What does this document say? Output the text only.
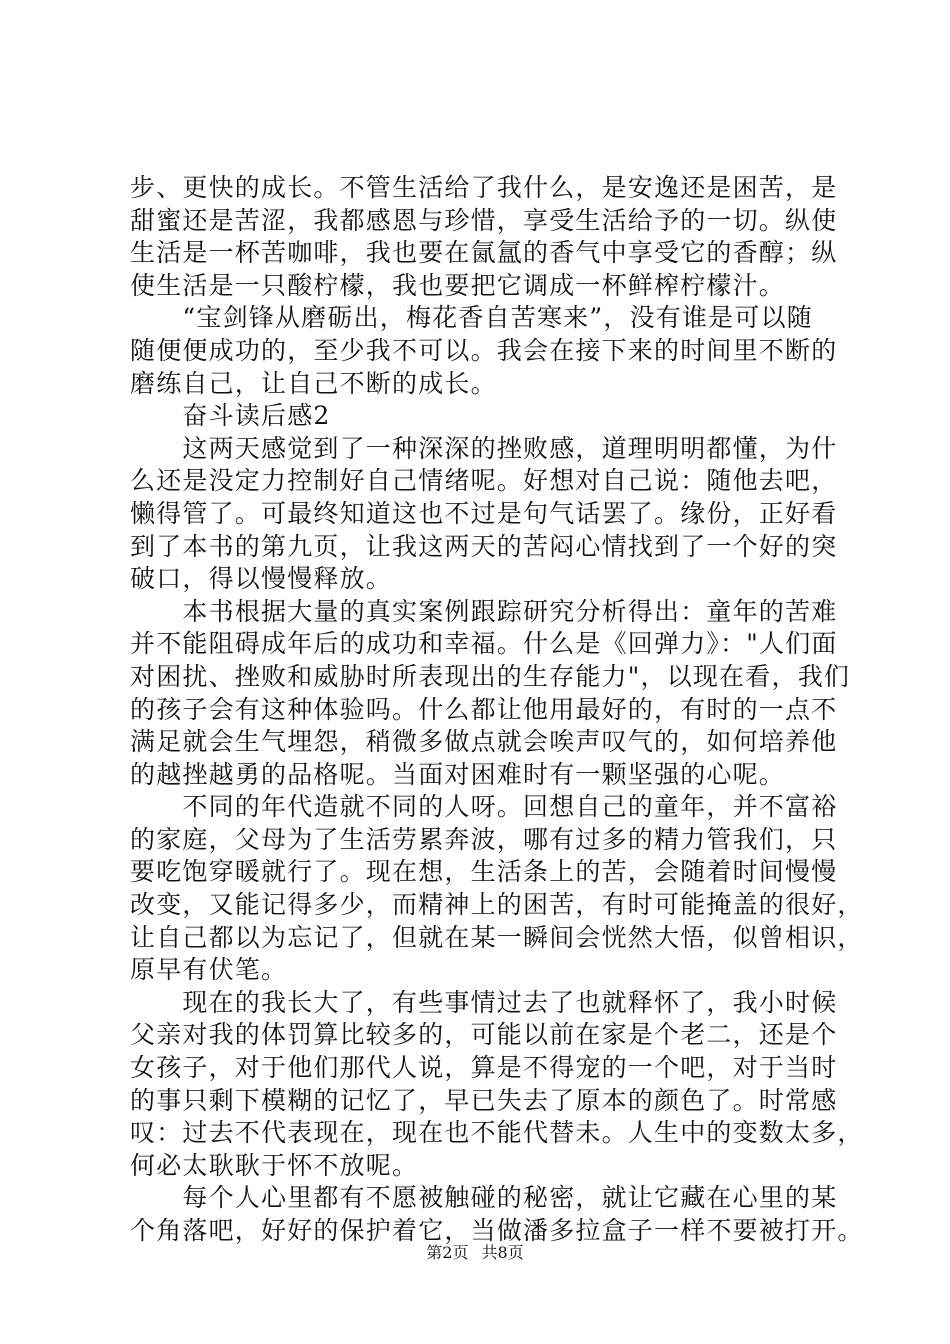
步、更快的成长。不管生活给了我什么，是安逸还是困苦，是
甜蜜还是苦涩，我都感恩与珍惜，享受生活给予的一切。纵使
生活是一杯苦咖啡，我也要在氤氲的香气中享受它的香醇；纵
使生活是一只酸柠檬，我也要把它调成一杯鲜榨柠檬汁。
　　“宝剑锋从磨砺出，梅花香自苦寒来”，没有谁是可以随
随便便成功的，至少我不可以。我会在接下来的时间里不断的
磨练自己，让自己不断的成长。
　　奋斗读后感2
　　这两天感觉到了一种深深的挫败感，道理明明都懂，为什
么还是没定力控制好自己情绪呢。好想对自己说：随他去吧，
懒得管了。可最终知道这也不过是句气话罢了。缘份，正好看
到了本书的第九页，让我这两天的苦闷心情找到了一个好的突
破口，得以慢慢释放。
　　本书根据大量的真实案例跟踪研究分析得出：童年的苦难
并不能阻碍成年后的成功和幸福。什么是《回弹力》："人们面
对困扰、挫败和威胁时所表现出的生存能力"，以现在看，我们
的孩子会有这种体验吗。什么都让他用最好的，有时的一点不
满足就会生气埋怨，稍微多做点就会唉声叹气的，如何培养他
的越挫越勇的品格呢。当面对困难时有一颗坚强的心呢。
　　不同的年代造就不同的人呀。回想自己的童年，并不富裕
的家庭，父母为了生活劳累奔波，哪有过多的精力管我们，只
要吃饱穿暖就行了。现在想，生活条上的苦，会随着时间慢慢
改变，又能记得多少，而精神上的困苦，有时可能掩盖的很好，
让自己都以为忘记了，但就在某一瞬间会恍然大悟，似曾相识，
原早有伏笔。
　　现在的我长大了，有些事情过去了也就释怀了，我小时候
父亲对我的体罚算比较多的，可能以前在家是个老二，还是个
女孩子，对于他们那代人说，算是不得宠的一个吧，对于当时
的事只剩下模糊的记忆了，早已失去了原本的颜色了。时常感
叹：过去不代表现在，现在也不能代替未。人生中的变数太多，
何必太耿耿于怀不放呢。
　　每个人心里都有不愿被触碰的秘密，就让它藏在心里的某
个角落吧，好好的保护着它，当做潘多拉盒子一样不要被打开。
第2页 共8页
